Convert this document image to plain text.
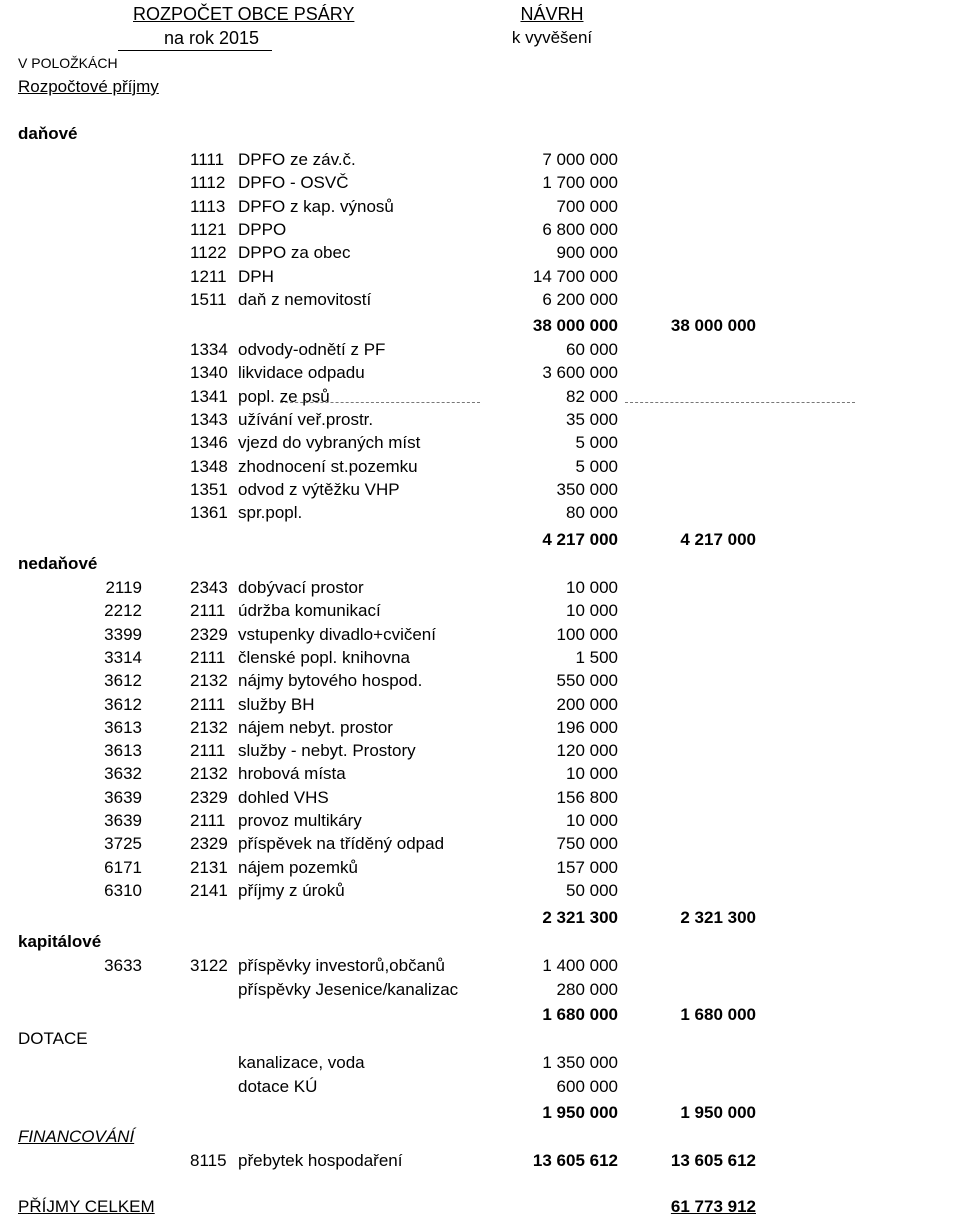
ROZPOČET OBCE PSÁRY
na rok 2015
NÁVRH
k vyvěšení
V POLOŽKÁCH
Rozpočtové příjmy
daňové
1111 DPFO ze záv.č.	7 000 000
1112 DPFO - OSVČ	1 700 000
1113 DPFO z kap. výnosů	700 000
1121 DPPO	6 800 000
1122 DPPO za obec	900 000
1211 DPH	14 700 000
1511 daň z nemovitostí	6 200 000
38 000 000	38 000 000
1334 odvody-odnětí z PF	60 000
1340 likvidace odpadu	3 600 000
1341 popl. ze psů	82 000
1343 užívání veř.prostr.	35 000
1346 vjezd do vybraných míst	5 000
1348 zhodnocení st.pozemku	5 000
1351 odvod z výtěžku VHP	350 000
1361 spr.popl.	80 000
4 217 000	4 217 000
nedaňové
2119	2343 dobývací prostor	10 000
2212	2111 údržba komunikací	10 000
3399	2329 vstupenky divadlo+cvičení	100 000
3314	2111 členské popl. knihovna	1 500
3612	2132 nájmy bytového hospod.	550 000
3612	2111 služby BH	200 000
3613	2132 nájem nebyt. prostor	196 000
3613	2111 služby - nebyt. Prostory	120 000
3632	2132 hrobová místa	10 000
3639	2329 dohled VHS	156 800
3639	2111 provoz multikáry	10 000
3725	2329 příspěvek na tříděný odpad	750 000
6171	2131 nájem pozemků	157 000
6310	2141 příjmy z úroků	50 000
2 321 300	2 321 300
kapitálové
3633	3122 příspěvky investorů,občanů	1 400 000
příspěvky Jesenice/kanalizac	280 000
1 680 000	1 680 000
DOTACE
kanalizace, voda	1 350 000
dotace KÚ	600 000
1 950 000	1 950 000
FINANCOVÁNÍ
8115 přebytek hospodaření	13 605 612	13 605 612
PŘÍJMY CELKEM	61 773 912
